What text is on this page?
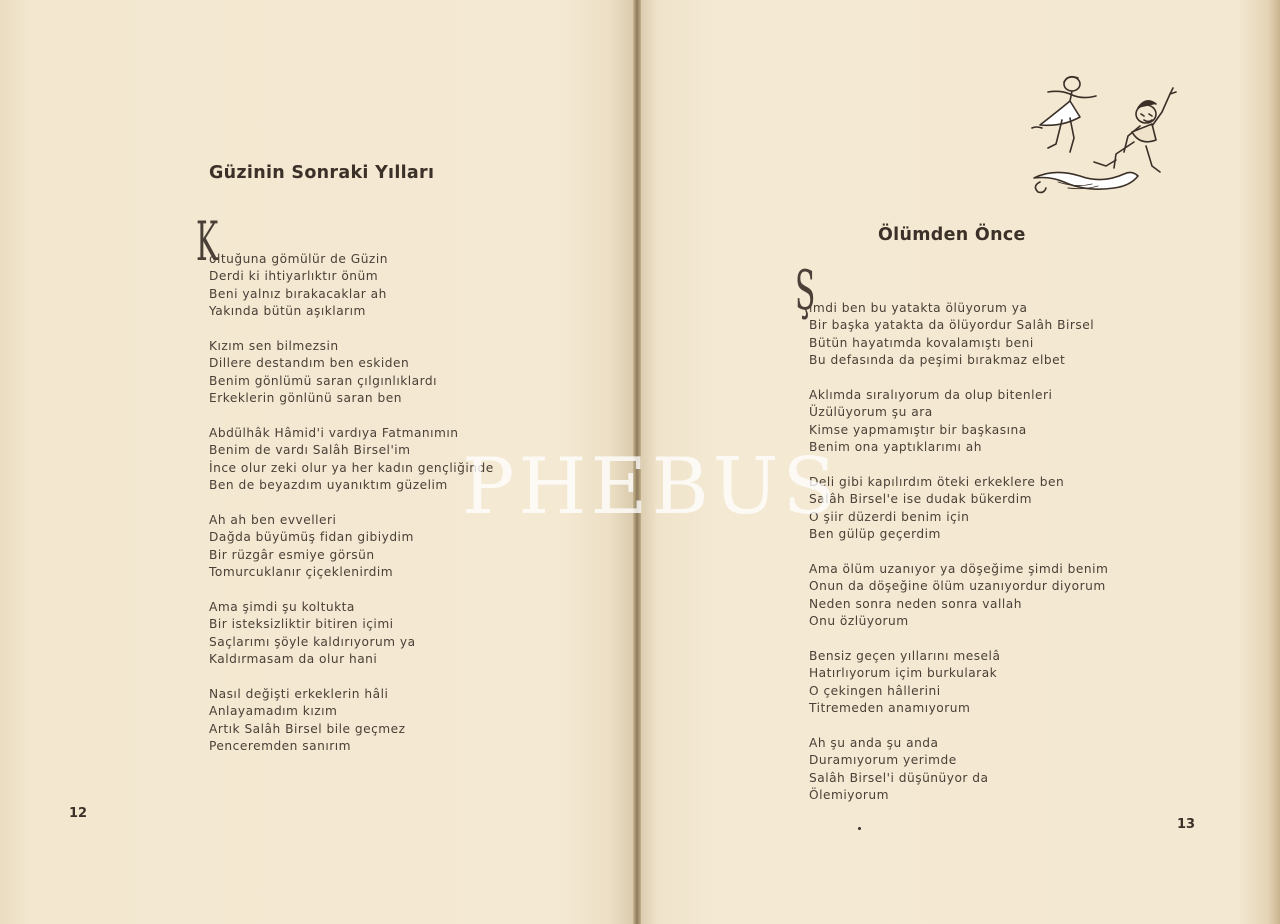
Güzinin Sonraki Yılları
K

oltuğuna gömülür de Güzin

Derdi ki ihtiyarlıktır önüm

Beni yalnız bırakacaklar ah

Yakında bütün aşıklarım

Kızım sen bilmezsin

Dillere destandım ben eskiden

Benim gönlümü saran çılgınlıklardı

Erkeklerin gönlünü saran ben

Abdülhâk Hâmid'i vardıya Fatmanımın

Benim de vardı Salâh Birsel'im

İnce olur zeki olur ya her kadın gençliğinde

Ben de beyazdım uyanıktım güzelim

Ah ah ben evvelleri

Dağda büyümüş fidan gibiydim

Bir rüzgâr esmiye görsün

Tomurcuklanır çiçeklenirdim

Ama şimdi şu koltukta

Bir isteksizliktir bitiren içimi

Saçlarımı şöyle kaldırıyorum ya

Kaldırmasam da olur hani

Nasıl değişti erkeklerin hâli

Anlayamadım kızım

Artık Salâh Birsel bile geçmez

Penceremden sanırım

12
Ölümden Önce
Ş

imdi ben bu yatakta ölüyorum ya

Bir başka yatakta da ölüyordur Salâh Birsel

Bütün hayatımda kovalamıştı beni

Bu defasında da peşimi bırakmaz elbet

Aklımda sıralıyorum da olup bitenleri

Üzülüyorum şu ara

Kimse yapmamıştır bir başkasına

Benim ona yaptıklarımı ah

Deli gibi kapılırdım öteki erkeklere ben

Salâh Birsel'e ise dudak bükerdim

O şiir düzerdi benim için

Ben gülüp geçerdim

Ama ölüm uzanıyor ya döşeğime şimdi benim

Onun da döşeğine ölüm uzanıyordur diyorum

Neden sonra neden sonra vallah

Onu özlüyorum

Bensiz geçen yıllarını meselâ

Hatırlıyorum içim burkularak

O çekingen hâllerini

Titremeden anamıyorum

Ah şu anda şu anda

Duramıyorum yerimde

Salâh Birsel'i düşünüyor da

Ölemiyorum

13
PHEBUS
